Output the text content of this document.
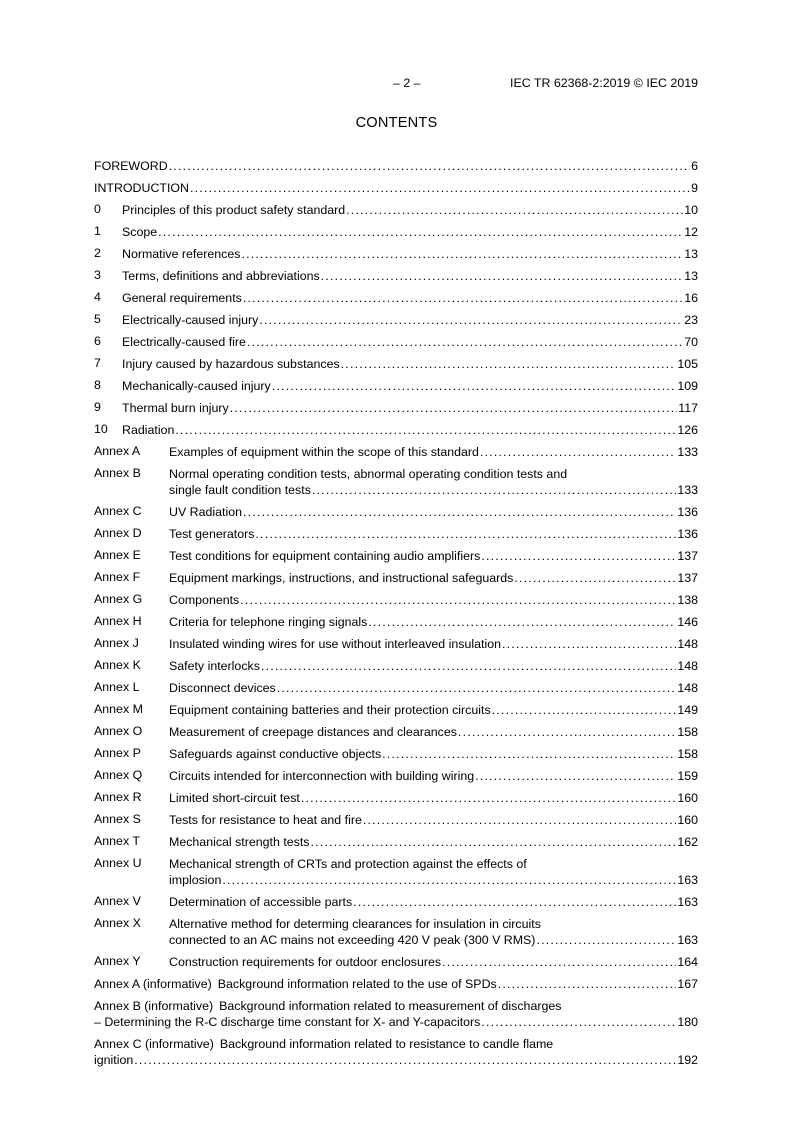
– 2 –	IEC TR 62368-2:2019 © IEC 2019
CONTENTS
FOREWORD .....	6
INTRODUCTION .....	9
0	Principles of this product safety standard .....	10
1	Scope .....	12
2	Normative references .....	13
3	Terms, definitions and abbreviations .....	13
4	General requirements .....	16
5	Electrically-caused injury .....	23
6	Electrically-caused fire .....	70
7	Injury caused by hazardous substances .....	105
8	Mechanically-caused injury .....	109
9	Thermal burn injury .....	117
10	Radiation .....	126
Annex A	Examples of equipment within the scope of this standard .....	133
Annex B	Normal operating condition tests, abnormal operating condition tests and
single fault condition tests .....	133
Annex C	UV Radiation .....	136
Annex D	Test generators .....	136
Annex E	Test conditions for equipment containing audio amplifiers .....	137
Annex F	Equipment markings, instructions, and instructional safeguards .....	137
Annex G	Components .....	138
Annex H	Criteria for telephone ringing signals .....	146
Annex J	Insulated winding wires for use without interleaved insulation .....	148
Annex K	Safety interlocks .....	148
Annex L	Disconnect devices .....	148
Annex M	Equipment containing batteries and their protection circuits .....	149
Annex O	Measurement of creepage distances and clearances .....	158
Annex P	Safeguards against conductive objects .....	158
Annex Q	Circuits intended for interconnection with building wiring .....	159
Annex R	Limited short-circuit test .....	160
Annex S	Tests for resistance to heat and fire .....	160
Annex T	Mechanical strength tests .....	162
Annex U	Mechanical strength of CRTs and protection against the effects of
implosion .....	163
Annex V	Determination of accessible parts .....	163
Annex X	Alternative method for determing clearances for insulation in circuits
connected to an AC mains not exceeding 420 V peak (300 V RMS) .....	163
Annex Y	Construction requirements for outdoor enclosures .....	164
Annex A (informative) Background information related to the use of SPDs .....	167
Annex B (informative) Background information related to measurement of discharges
– Determining the R-C discharge time constant for X- and Y-capacitors .....	180
Annex C (informative) Background information related to resistance to candle flame
ignition .....	192
